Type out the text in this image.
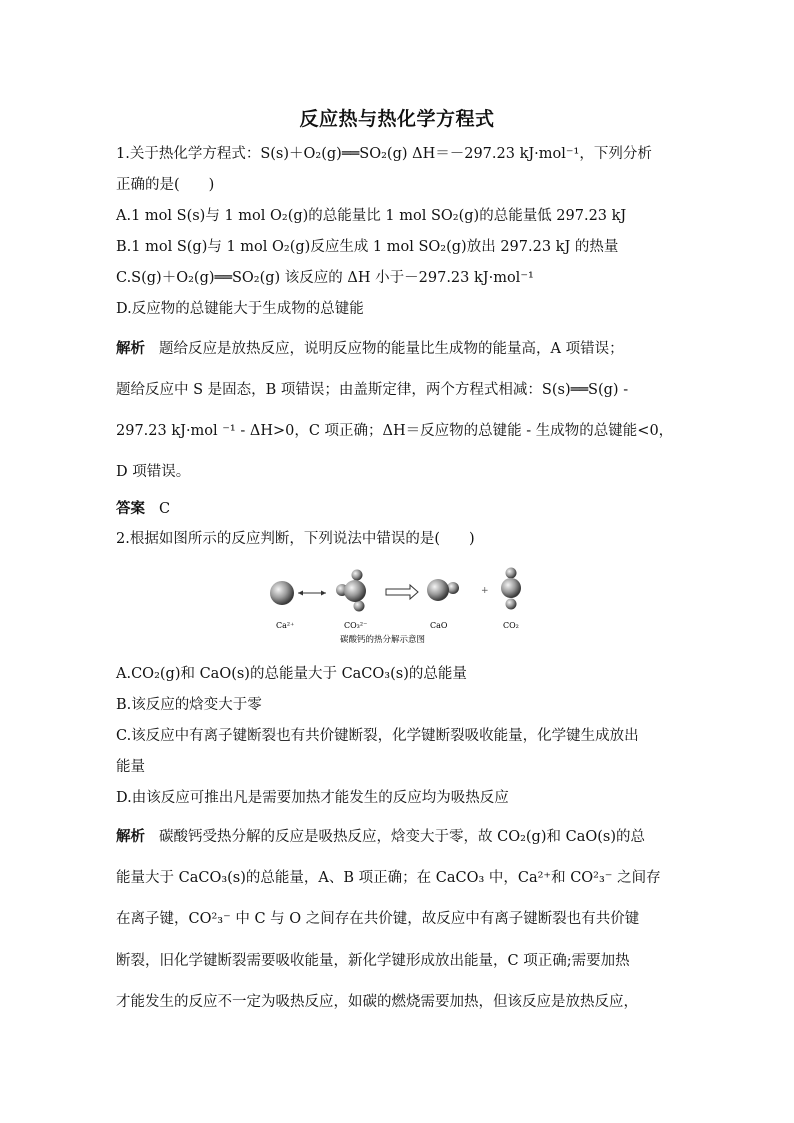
反应热与热化学方程式
1.关于热化学方程式：S(s)＋O₂(g)══SO₂(g) ΔH＝－297.23 kJ·mol⁻¹，下列分析
正确的是(　　)
A.1 mol S(s)与 1 mol O₂(g)的总能量比 1 mol SO₂(g)的总能量低 297.23 kJ
B.1 mol S(g)与 1 mol O₂(g)反应生成 1 mol SO₂(g)放出 297.23 kJ 的热量
C.S(g)＋O₂(g)══SO₂(g) 该反应的 ΔH 小于－297.23 kJ·mol⁻¹
D.反应物的总键能大于生成物的总键能
解析 题给反应是放热反应，说明反应物的能量比生成物的能量高，A 项错误；
题给反应中 S 是固态，B 项错误；由盖斯定律，两个方程式相减：S(s)══S(g) -
297.23 kJ·mol ⁻¹ - ΔH>0，C 项正确；ΔH＝反应物的总键能 - 生成物的总键能<0，
D 项错误。
答案 C
2.根据如图所示的反应判断，下列说法中错误的是(　　)
+
Ca²⁺	CO₃²⁻	CaO	CO₂
碳酸钙的热分解示意图
A.CO₂(g)和 CaO(s)的总能量大于 CaCO₃(s)的总能量
B.该反应的焓变大于零
C.该反应中有离子键断裂也有共价键断裂，化学键断裂吸收能量，化学键生成放出
能量
D.由该反应可推出凡是需要加热才能发生的反应均为吸热反应
解析 碳酸钙受热分解的反应是吸热反应，焓变大于零，故 CO₂(g)和 CaO(s)的总
能量大于 CaCO₃(s)的总能量，A、B 项正确；在 CaCO₃ 中，Ca²⁺和 CO²₃⁻ 之间存
在离子键，CO²₃⁻ 中 C 与 O 之间存在共价键，故反应中有离子键断裂也有共价键
断裂，旧化学键断裂需要吸收能量，新化学键形成放出能量，C 项正确;需要加热
才能发生的反应不一定为吸热反应，如碳的燃烧需要加热，但该反应是放热反应，
